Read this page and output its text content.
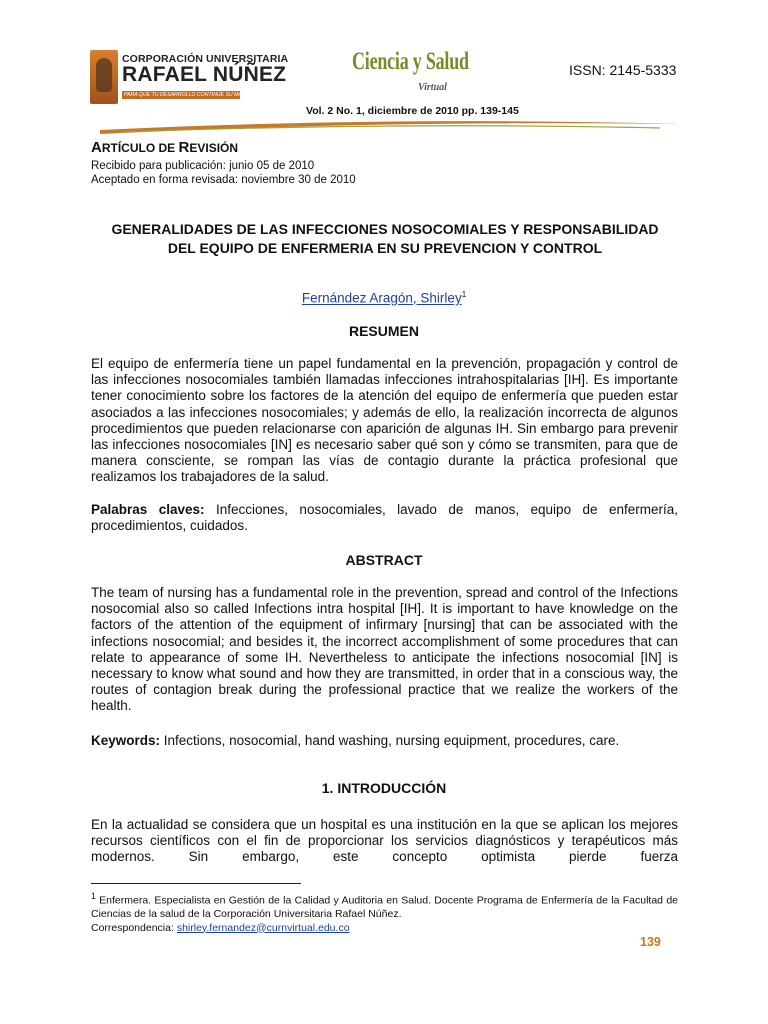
CORPORACIÓN UNIVERSITARIA
RAFAEL NÚÑEZ
PARA QUE TU DESARROLLO CONTINÚE SU MARCHA
Ciencia y Salud
Virtual
ISSN: 2145-5333
Vol. 2 No. 1, diciembre de 2010 pp. 139-145
ARTÍCULO DE REVISIÓN
Recibido para publicación: junio 05 de 2010
Aceptado en forma revisada: noviembre 30 de 2010
GENERALIDADES DE LAS INFECCIONES NOSOCOMIALES Y RESPONSABILIDAD DEL EQUIPO DE ENFERMERIA EN SU PREVENCION Y CONTROL
Fernández Aragón, Shirley$^1$
RESUMEN

El equipo de enfermería tiene un papel fundamental en la prevención, propagación y control de las infecciones nosocomiales también llamadas infecciones intrahospitalarias [IH]. Es importante tener conocimiento sobre los factores de la atención del equipo de enfermería que pueden estar asociados a las infecciones nosocomiales; y además de ello, la realización incorrecta de algunos procedimientos que pueden relacionarse con aparición de algunas IH. Sin embargo para prevenir las infecciones nosocomiales [IN] es necesario saber qué son y cómo se transmiten, para que de manera consciente, se rompan las vías de contagio durante la práctica profesional que realizamos los trabajadores de la salud.

Palabras claves: Infecciones, nosocomiales, lavado de manos, equipo de enfermería, procedimientos, cuidados.

ABSTRACT

The team of nursing has a fundamental role in the prevention, spread and control of the Infections nosocomial also so called Infections intra hospital [IH]. It is important to have knowledge on the factors of the attention of the equipment of infirmary [nursing] that can be associated with the infections nosocomial; and besides it, the incorrect accomplishment of some procedures that can relate to appearance of some IH. Nevertheless to anticipate the infections nosocomial [IN] is necessary to know what sound and how they are transmitted, in order that in a conscious way, the routes of contagion break during the professional practice that we realize the workers of the health.

Keywords: Infections, nosocomial, hand washing, nursing equipment, procedures, care.

1. INTRODUCCIÓN

En la actualidad se considera que un hospital es una institución en la que se aplican los mejores recursos científicos con el fin de proporcionar los servicios diagnósticos y terapéuticos más modernos. Sin embargo, este concepto optimista pierde fuerza

$^1$ Enfermera. Especialista en Gestión de la Calidad y Auditoria en Salud. Docente Programa de Enfermería de la Facultad de Ciencias de la salud de la Corporación Universitaria Rafael Núñez.
Correspondencia: shirley.fernandez@curnvirtual.edu.co
139
